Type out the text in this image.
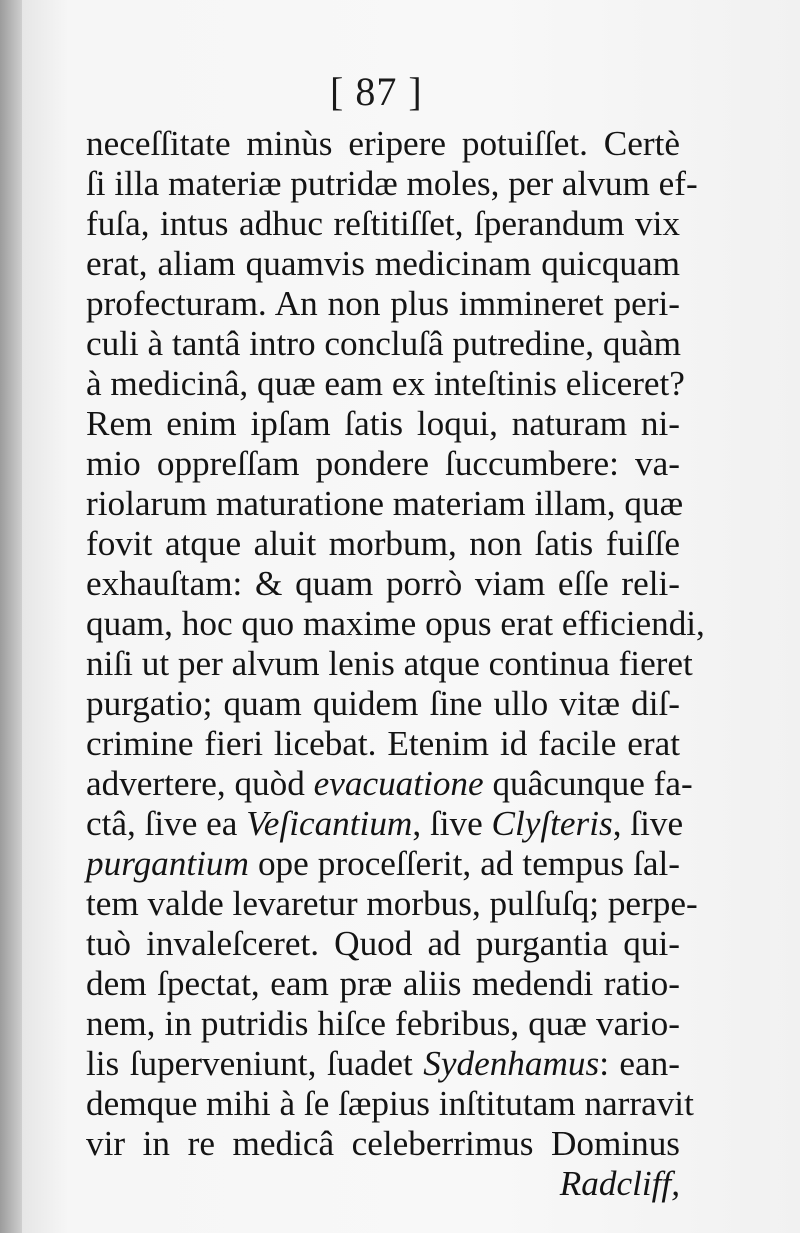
[ 87 ]
neceſſitate minùs eripere potuiſſet. Certè
ſi illa materiæ putridæ moles, per alvum ef-
fuſa, intus adhuc reſtitiſſet, ſperandum vix
erat, aliam quamvis medicinam quicquam
profecturam. An non plus immineret peri-
culi à tantâ intro concluſâ putredine, quàm
à medicinâ, quæ eam ex inteſtinis eliceret?
Rem enim ipſam ſatis loqui, naturam ni-
mio oppreſſam pondere ſuccumbere: va-
riolarum maturatione materiam illam, quæ
fovit atque aluit morbum, non ſatis fuiſſe
exhauſtam: & quam porrò viam eſſe reli-
quam, hoc quo maxime opus erat efficiendi,
niſi ut per alvum lenis atque continua fieret
purgatio; quam quidem ſine ullo vitæ diſ-
crimine fieri licebat. Etenim id facile erat
advertere, quòd evacuatione quâcunque fa-
ctâ, ſive ea Veſicantium, ſive Clyſteris, ſive
purgantium ope proceſſerit, ad tempus ſal-
tem valde levaretur morbus, pulſuſq; perpe-
tuò invaleſceret. Quod ad purgantia qui-
dem ſpectat, eam præ aliis medendi ratio-
nem, in putridis hiſce febribus, quæ vario-
lis ſuperveniunt, ſuadet Sydenhamus: ean-
demque mihi à ſe ſæpius inſtitutam narravit
vir in re medicâ celeberrimus Dominus
Radcliff,
